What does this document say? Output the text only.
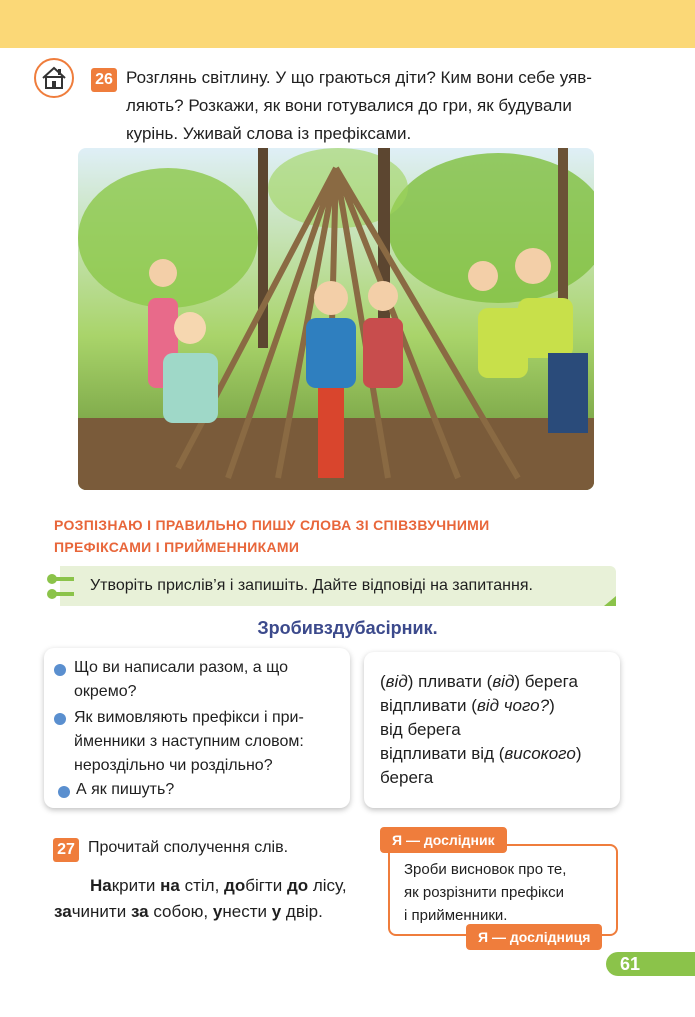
26 Розглянь світлину. У що граються діти? Ким вони себе уяв-
ляють? Розкажи, як вони готувалися до гри, як будували
курінь. Уживай слова із префіксами.
РОЗПІЗНАЮ І ПРАВИЛЬНО ПИШУ СЛОВА ЗІ СПІВЗВУЧНИМИ
ПРЕФІКСАМИ І ПРИЙМЕННИКАМИ
Утворіть прислів’я і запишіть. Дайте відповіді на запитання.
Зробивздубасірник.
Що ви написали разом, а що
окремо?
Як вимовляють префікси і при-
йменники з наступним словом:
нероздільно чи роздільно?
А як пишуть?
(від) пливати (від) берега
відпливати (від чого?)
від берега
відпливати від (високого)
берега
27 Прочитай сполучення слів.
Накрити на стіл, добігти до лісу,
зачинити за собою, унести у двір.
Зроби висновок про те,
як розрізнити префікси
і прийменники.
Я — дослідник
Я — дослідниця
61
